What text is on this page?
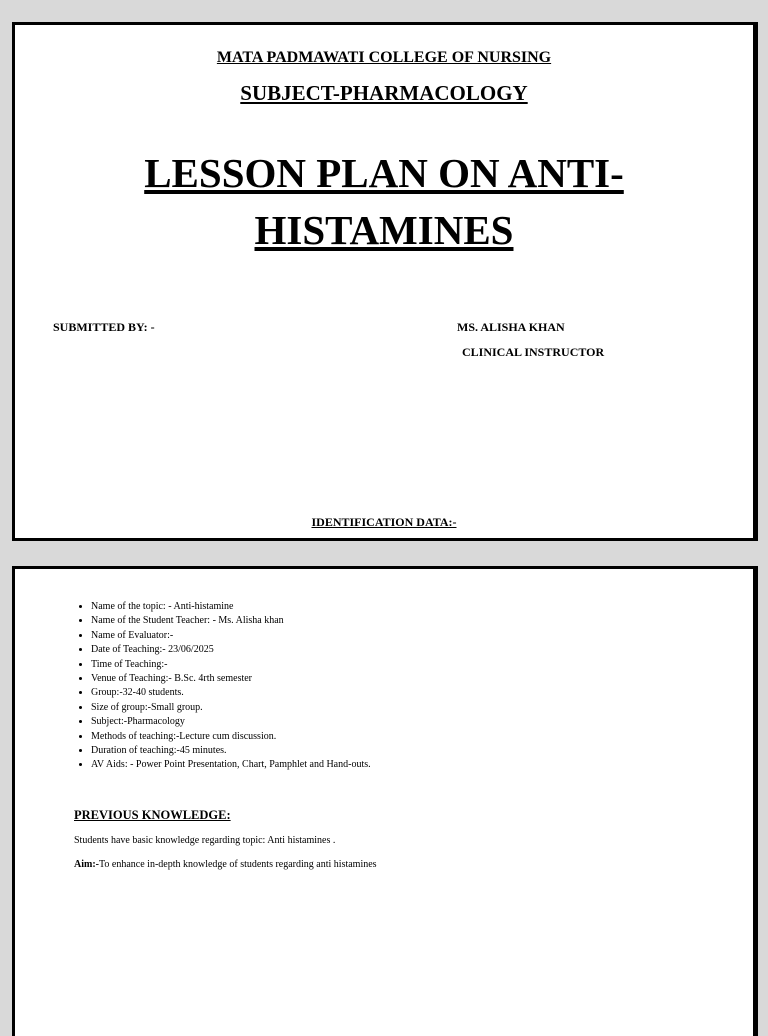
MATA PADMAWATI COLLEGE OF NURSING
SUBJECT-PHARMACOLOGY
LESSON PLAN ON ANTI-
HISTAMINES
SUBMITTED BY: -	MS. ALISHA KHAN
CLINICAL INSTRUCTOR
IDENTIFICATION DATA:-
• Name of the topic: - Anti-histamine
• Name of the Student Teacher: - Ms. Alisha khan
• Name of Evaluator:-
• Date of Teaching:- 23/06/2025
• Time of Teaching:-
• Venue of Teaching:- B.Sc. 4rth semester
• Group:-32-40 students.
• Size of group:-Small group.
• Subject:-Pharmacology
• Methods of teaching:-Lecture cum discussion.
• Duration of teaching:-45 minutes.
• AV Aids: - Power Point Presentation, Chart, Pamphlet and Hand-outs.
PREVIOUS KNOWLEDGE:
Students have basic knowledge regarding topic: Anti histamines .
Aim:-To enhance in-depth knowledge of students regarding anti histamines
